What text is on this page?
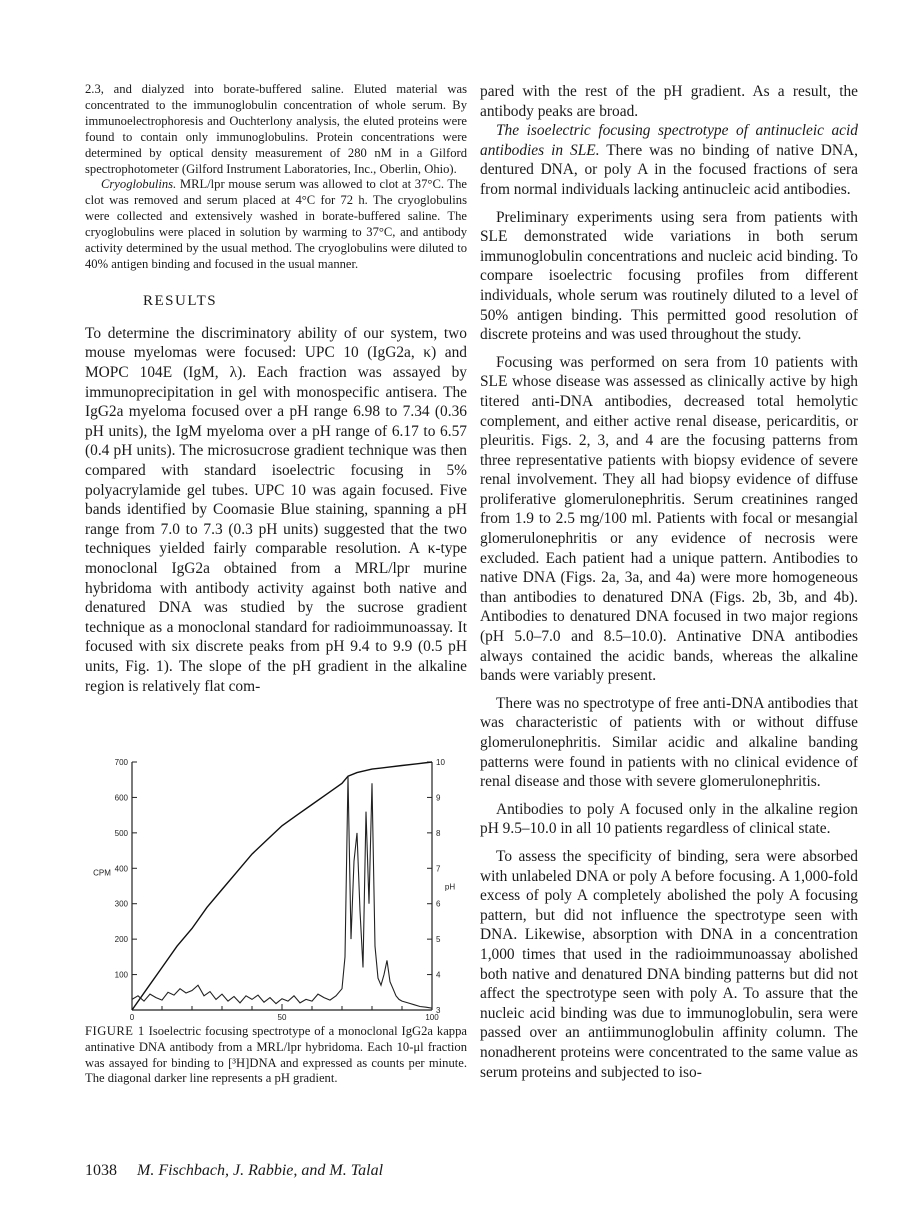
2.3, and dialyzed into borate-buffered saline. Eluted material was concentrated to the immunoglobulin concentration of whole serum. By immunoelectrophoresis and Ouchterlony analysis, the eluted proteins were found to contain only immunoglobulins. Protein concentrations were determined by optical density measurement of 280 nM in a Gilford spectrophotometer (Gilford Instrument Laboratories, Inc., Oberlin, Ohio).

Cryoglobulins. MRL/lpr mouse serum was allowed to clot at 37°C. The clot was removed and serum placed at 4°C for 72 h. The cryoglobulins were collected and extensively washed in borate-buffered saline. The cryoglobulins were placed in solution by warming to 37°C, and antibody activity determined by the usual method. The cryoglobulins were diluted to 40% antigen binding and focused in the usual manner.

RESULTS

To determine the discriminatory ability of our system, two mouse myelomas were focused: UPC 10 (IgG2a, κ) and MOPC 104E (IgM, λ). Each fraction was assayed by immunoprecipitation in gel with monospecific antisera. The IgG2a myeloma focused over a pH range 6.98 to 7.34 (0.36 pH units), the IgM myeloma over a pH range of 6.17 to 6.57 (0.4 pH units). The microsucrose gradient technique was then compared with standard isoelectric focusing in 5% polyacrylamide gel tubes. UPC 10 was again focused. Five bands identified by Coomasie Blue staining, spanning a pH range from 7.0 to 7.3 (0.3 pH units) suggested that the two techniques yielded fairly comparable resolution. A κ-type monoclonal IgG2a obtained from a MRL/lpr murine hybridoma with antibody activity against both native and denatured DNA was studied by the sucrose gradient technique as a monoclonal standard for radioimmunoassay. It focused with six discrete peaks from pH 9.4 to 9.9 (0.5 pH units, Fig. 1). The slope of the pH gradient in the alkaline region is relatively flat com-

pared with the rest of the pH gradient. As a result, the antibody peaks are broad.

The isoelectric focusing spectrotype of antinucleic acid antibodies in SLE. There was no binding of native DNA, dentured DNA, or poly A in the focused fractions of sera from normal individuals lacking antinucleic acid antibodies.

Preliminary experiments using sera from patients with SLE demonstrated wide variations in both serum immunoglobulin concentrations and nucleic acid binding. To compare isoelectric focusing profiles from different individuals, whole serum was routinely diluted to a level of 50% antigen binding. This permitted good resolution of discrete proteins and was used throughout the study.

Focusing was performed on sera from 10 patients with SLE whose disease was assessed as clinically active by high titered anti-DNA antibodies, decreased total hemolytic complement, and either active renal disease, pericarditis, or pleuritis. Figs. 2, 3, and 4 are the focusing patterns from three representative patients with biopsy evidence of severe renal involvement. They all had biopsy evidence of diffuse proliferative glomerulonephritis. Serum creatinines ranged from 1.9 to 2.5 mg/100 ml. Patients with focal or mesangial glomerulonephritis or any evidence of necrosis were excluded. Each patient had a unique pattern. Antibodies to native DNA (Figs. 2a, 3a, and 4a) were more homogeneous than antibodies to denatured DNA (Figs. 2b, 3b, and 4b). Antibodies to denatured DNA focused in two major regions (pH 5.0–7.0 and 8.5–10.0). Antinative DNA antibodies always contained the acidic bands, whereas the alkaline bands were variably present.

There was no spectrotype of free anti-DNA antibodies that was characteristic of patients with or without diffuse glomerulonephritis. Similar acidic and alkaline banding patterns were found in patients with no clinical evidence of renal disease and those with severe glomerulonephritis.

Antibodies to poly A focused only in the alkaline region pH 9.5–10.0 in all 10 patients regardless of clinical state.

To assess the specificity of binding, sera were absorbed with unlabeled DNA or poly A before focusing. A 1,000-fold excess of poly A completely abolished the poly A focusing pattern, but did not influence the spectrotype seen with DNA. Likewise, absorption with DNA in a concentration 1,000 times that used in the radioimmunoassay abolished both native and denatured DNA binding patterns but did not affect the spectrotype seen with poly A. To assure that the nucleic acid binding was due to immunoglobulin, sera were passed over an antiimmunoglobulin affinity column. The nonadherent proteins were concentrated to the same value as serum proteins and subjected to iso-

100
200
300
400
500
600
700
3
4
5
6
7
8
9
10
0	50	100
CPM
pH

FIGURE 1 Isoelectric focusing spectrotype of a monoclonal IgG2a kappa antinative DNA antibody from a MRL/lpr hybridoma. Each 10-μl fraction was assayed for binding to [³H]DNA and expressed as counts per minute. The diagonal darker line represents a pH gradient.

1038 M. Fischbach, J. Rabbie, and M. Talal
